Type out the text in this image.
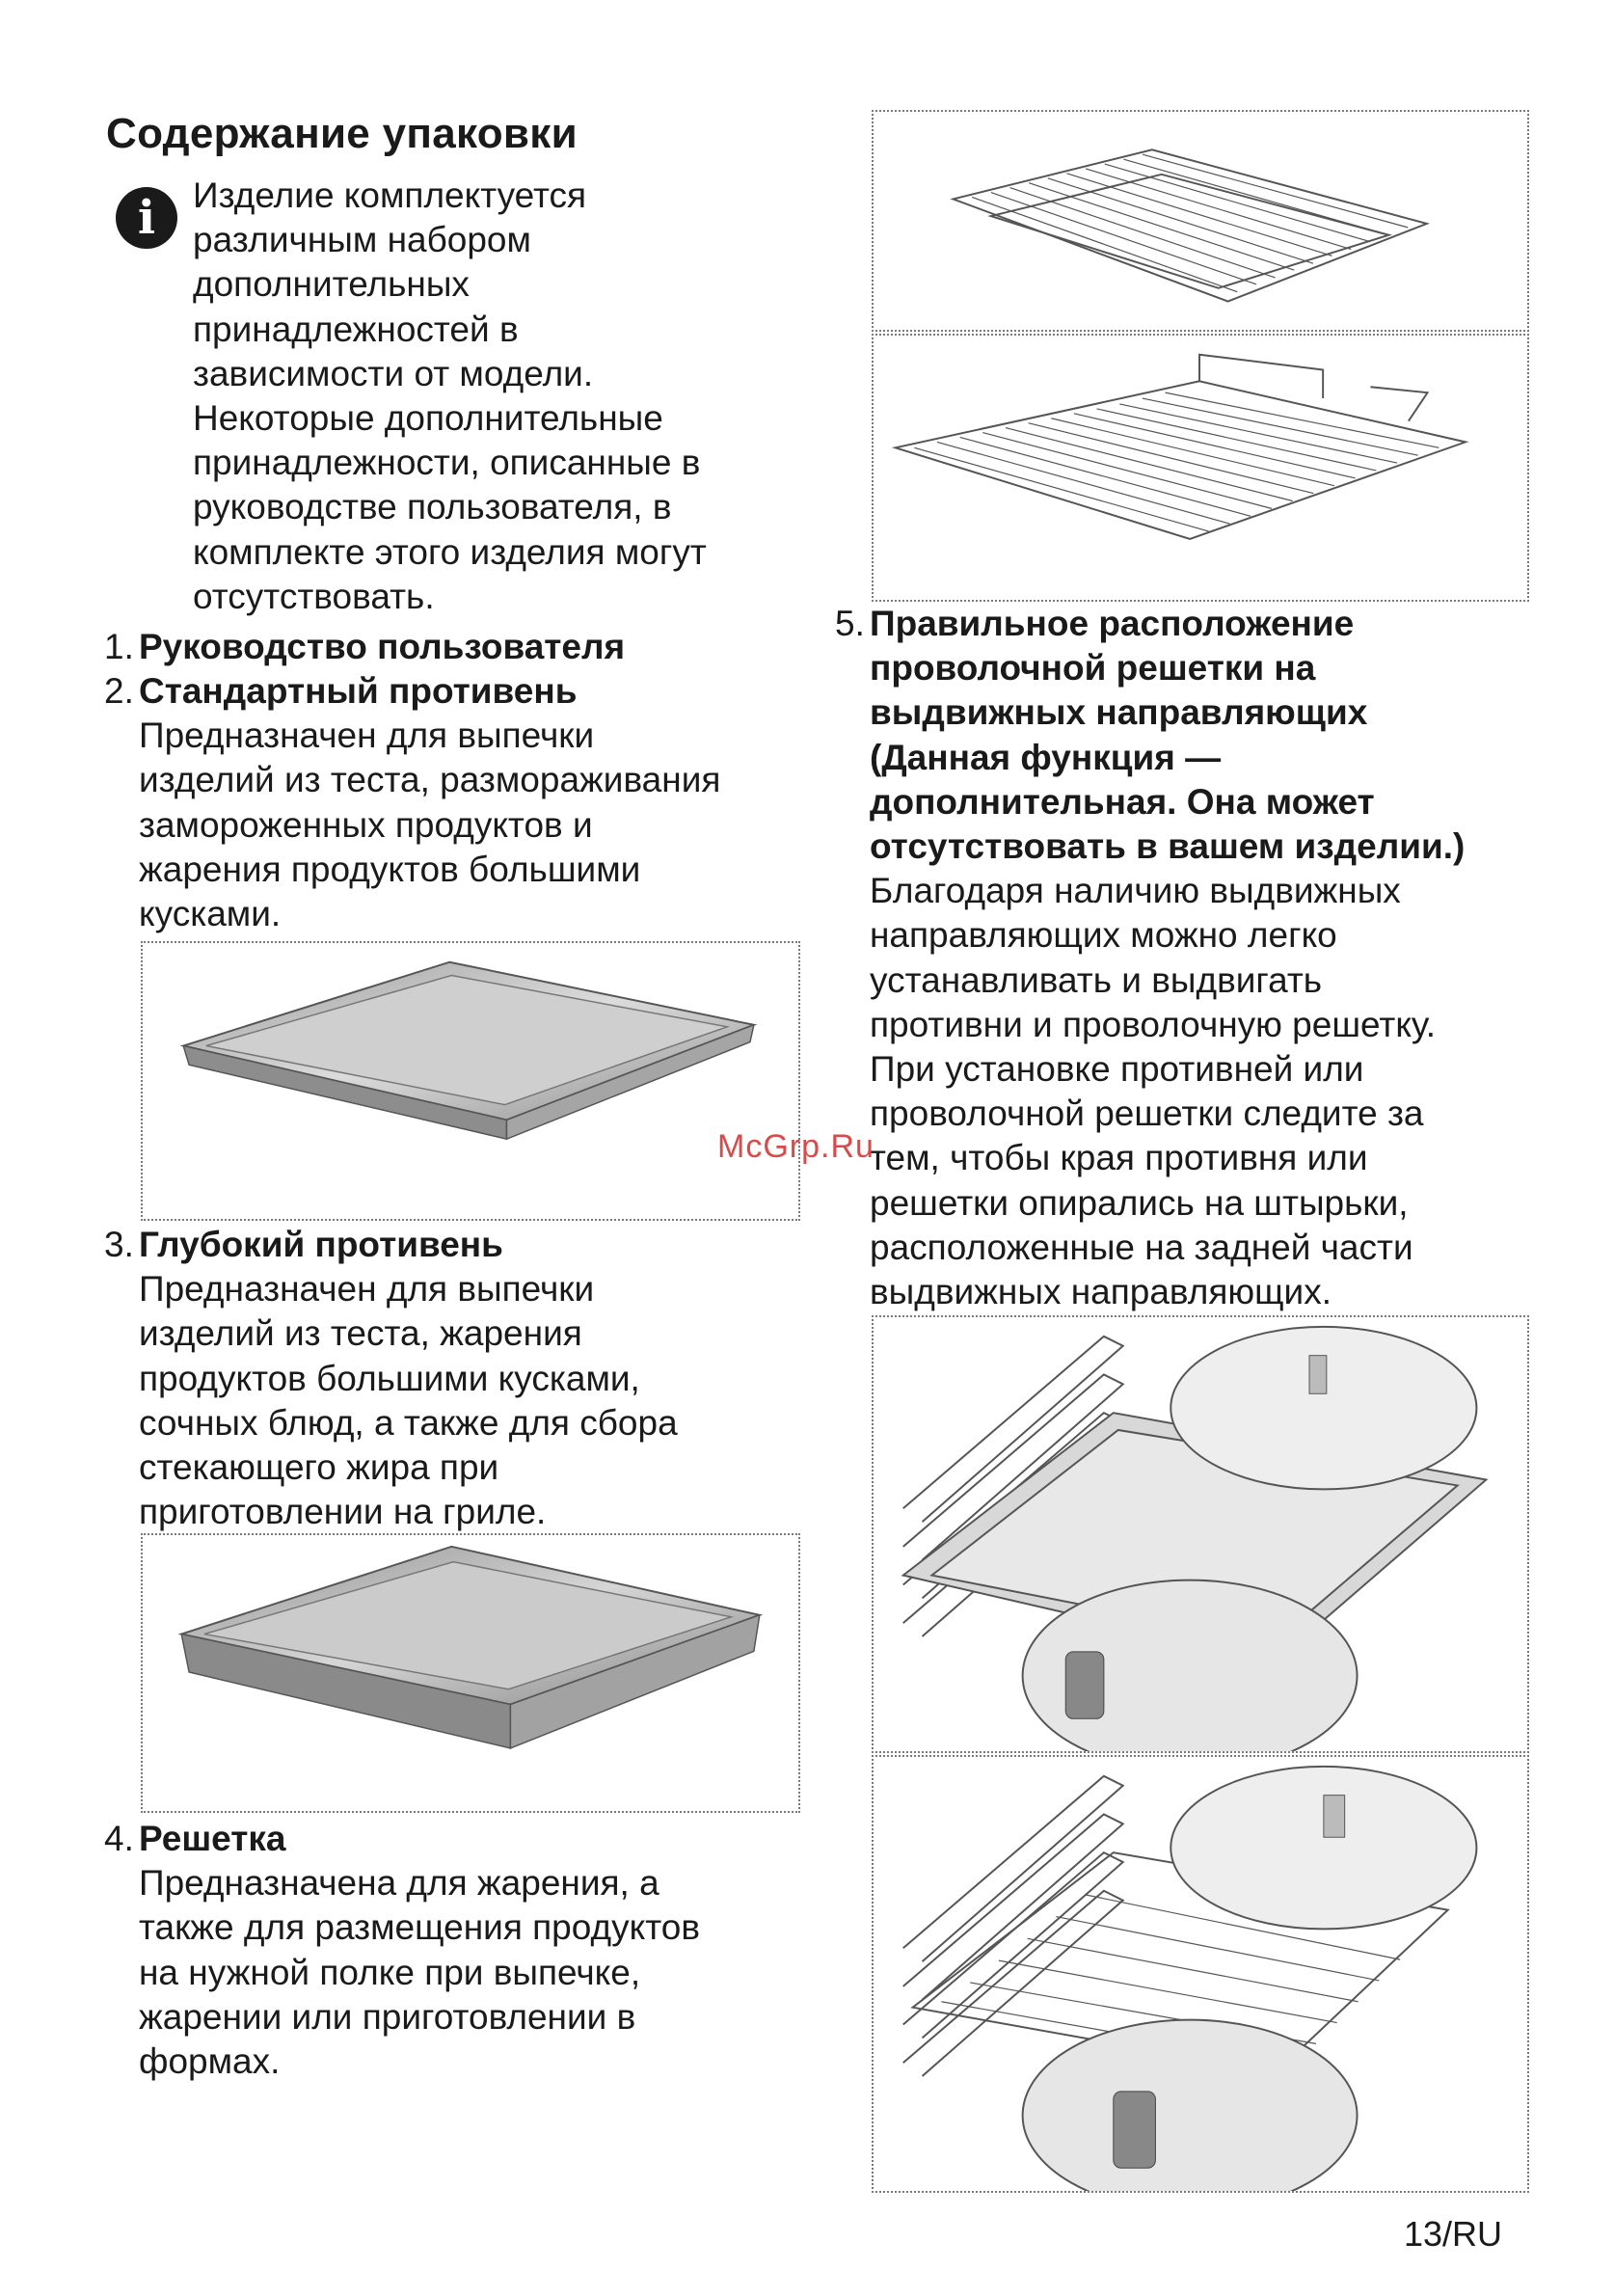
Содержание упаковки
i	Изделие комплектуется
различным набором
дополнительных
принадлежностей в
зависимости от модели.
Некоторые дополнительные
принадлежности, описанные в
руководстве пользователя, в
комплекте этого изделия могут
отсутствовать.
1. Руководство пользователя
2. Стандартный противень
Предназначен для выпечки
изделий из теста, размораживания
замороженных продуктов и
жарения продуктов большими
кусками.
3. Глубокий противень
Предназначен для выпечки
изделий из теста, жарения
продуктов большими кусками,
сочных блюд, а также для сбора
стекающего жира при
приготовлении на гриле.
4. Решетка
Предназначена для жарения, а
также для размещения продуктов
на нужной полке при выпечке,
жарении или приготовлении в
формах.
5. Правильное расположение
проволочной решетки на
выдвижных направляющих
(Данная функция —
дополнительная. Она может
отсутствовать в вашем изделии.)
Благодаря наличию выдвижных
направляющих можно легко
устанавливать и выдвигать
противни и проволочную решетку.
При установке противней или
проволочной решетки следите за
тем, чтобы края противня или
решетки опирались на штырьки,
расположенные на задней части
выдвижных направляющих.
McGrp.Ru
13/RU
